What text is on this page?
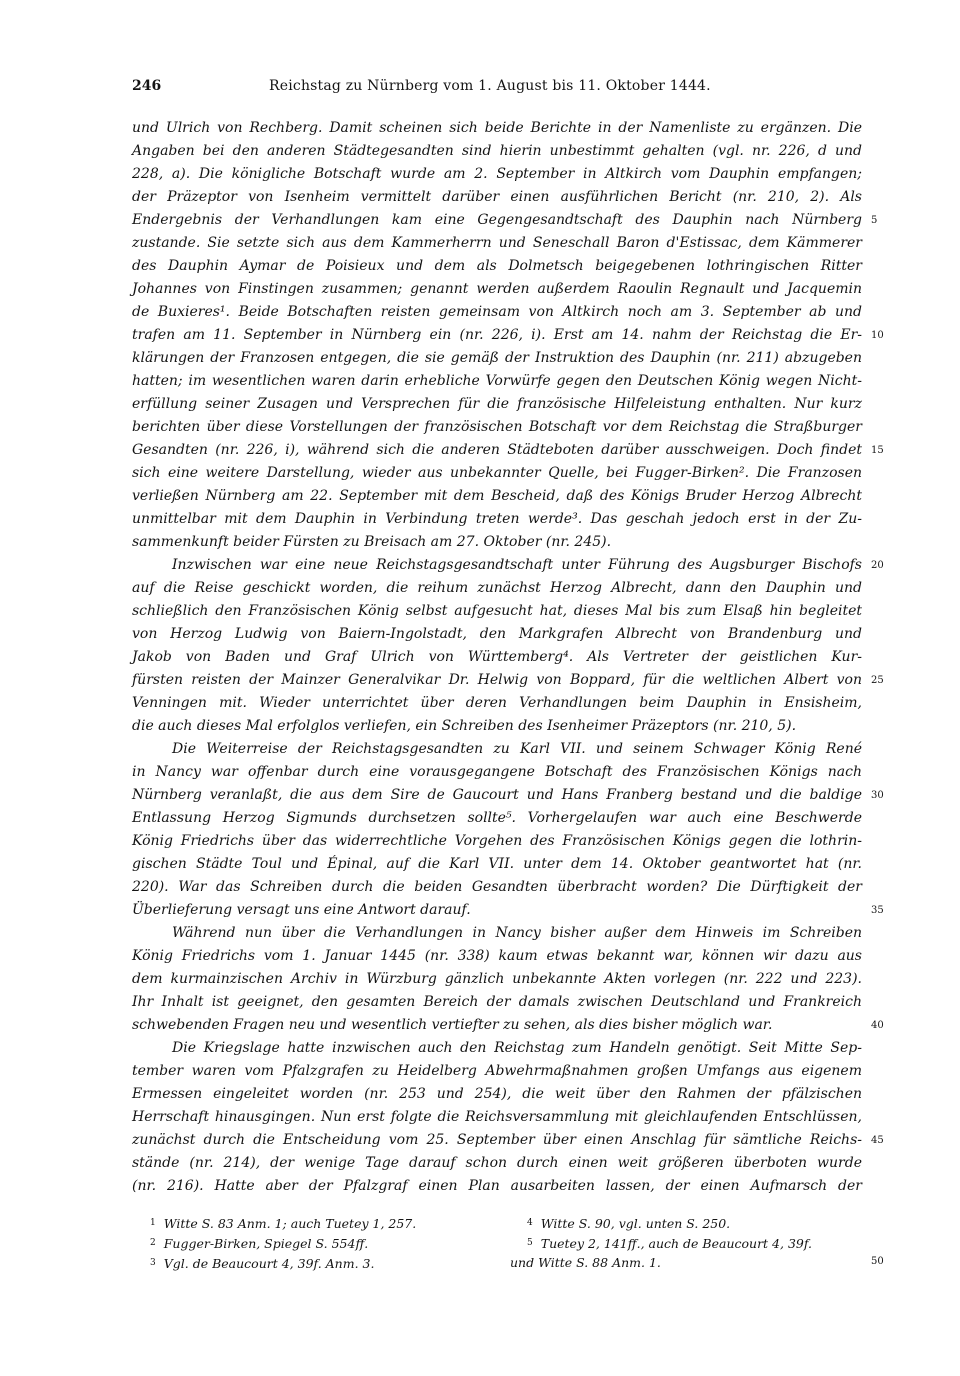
246	Reichstag zu Nürnberg vom 1. August bis 11. Oktober 1444.
und Ulrich von Rechberg. Damit scheinen sich beide Berichte in der Namenliste zu ergänzen. Die
Angaben bei den anderen Städtegesandten sind hierin unbestimmt gehalten (vgl. nr. 226, d und
228, a). Die königliche Botschaft wurde am 2. September in Altkirch vom Dauphin empfangen;
der Präzeptor von Isenheim vermittelt darüber einen ausführlichen Bericht (nr. 210, 2). Als
Endergebnis der Verhandlungen kam eine Gegengesandtschaft des Dauphin nach Nürnberg
zustande. Sie setzte sich aus dem Kammerherrn und Seneschall Baron d'Estissac, dem Kämmerer
des Dauphin Aymar de Poisieux und dem als Dolmetsch beigegebenen lothringischen Ritter
Johannes von Finstingen zusammen; genannt werden außerdem Raoulin Regnault und Jacquemin
de Buxieres¹. Beide Botschaften reisten gemeinsam von Altkirch noch am 3. September ab und
trafen am 11. September in Nürnberg ein (nr. 226, i). Erst am 14. nahm der Reichstag die Er-
klärungen der Franzosen entgegen, die sie gemäß der Instruktion des Dauphin (nr. 211) abzugeben
hatten; im wesentlichen waren darin erhebliche Vorwürfe gegen den Deutschen König wegen Nicht-
erfüllung seiner Zusagen und Versprechen für die französische Hilfeleistung enthalten. Nur kurz
berichten über diese Vorstellungen der französischen Botschaft vor dem Reichstag die Straßburger
Gesandten (nr. 226, i), während sich die anderen Städteboten darüber ausschweigen. Doch findet
sich eine weitere Darstellung, wieder aus unbekannter Quelle, bei Fugger-Birken². Die Franzosen
verließen Nürnberg am 22. September mit dem Bescheid, daß des Königs Bruder Herzog Albrecht
unmittelbar mit dem Dauphin in Verbindung treten werde³. Das geschah jedoch erst in der Zu-
sammenkunft beider Fürsten zu Breisach am 27. Oktober (nr. 245).
Inzwischen war eine neue Reichstagsgesandtschaft unter Führung des Augsburger Bischofs
auf die Reise geschickt worden, die reihum zunächst Herzog Albrecht, dann den Dauphin und
schließlich den Französischen König selbst aufgesucht hat, dieses Mal bis zum Elsaß hin begleitet
von Herzog Ludwig von Baiern-Ingolstadt, den Markgrafen Albrecht von Brandenburg und
Jakob von Baden und Graf Ulrich von Württemberg⁴. Als Vertreter der geistlichen Kur-
fürsten reisten der Mainzer Generalvikar Dr. Helwig von Boppard, für die weltlichen Albert von
Venningen mit. Wieder unterrichtet über deren Verhandlungen beim Dauphin in Ensisheim,
die auch dieses Mal erfolglos verliefen, ein Schreiben des Isenheimer Präzeptors (nr. 210, 5).
Die Weiterreise der Reichstagsgesandten zu Karl VII. und seinem Schwager König René
in Nancy war offenbar durch eine vorausgegangene Botschaft des Französischen Königs nach
Nürnberg veranlaßt, die aus dem Sire de Gaucourt und Hans Franberg bestand und die baldige
Entlassung Herzog Sigmunds durchsetzen sollte⁵. Vorhergelaufen war auch eine Beschwerde
König Friedrichs über das widerrechtliche Vorgehen des Französischen Königs gegen die lothrin-
gischen Städte Toul und Épinal, auf die Karl VII. unter dem 14. Oktober geantwortet hat (nr.
220). War das Schreiben durch die beiden Gesandten überbracht worden? Die Dürftigkeit der
Überlieferung versagt uns eine Antwort darauf.
Während nun über die Verhandlungen in Nancy bisher außer dem Hinweis im Schreiben
König Friedrichs vom 1. Januar 1445 (nr. 338) kaum etwas bekannt war, können wir dazu aus
dem kurmainzischen Archiv in Würzburg gänzlich unbekannte Akten vorlegen (nr. 222 und 223).
Ihr Inhalt ist geeignet, den gesamten Bereich der damals zwischen Deutschland und Frankreich
schwebenden Fragen neu und wesentlich vertiefter zu sehen, als dies bisher möglich war.
Die Kriegslage hatte inzwischen auch den Reichstag zum Handeln genötigt. Seit Mitte Sep-
tember waren vom Pfalzgrafen zu Heidelberg Abwehrmaßnahmen großen Umfangs aus eigenem
Ermessen eingeleitet worden (nr. 253 und 254), die weit über den Rahmen der pfälzischen
Herrschaft hinausgingen. Nun erst folgte die Reichsversammlung mit gleichlaufenden Entschlüssen,
zunächst durch die Entscheidung vom 25. September über einen Anschlag für sämtliche Reichs-
stände (nr. 214), der wenige Tage darauf schon durch einen weit größeren überboten wurde
(nr. 216). Hatte aber der Pfalzgraf einen Plan ausarbeiten lassen, der einen Aufmarsch der
5
10
15
20
25
30
35
40
45
50
$^1$ Witte S. 83 Anm. 1; auch Tuetey 1, 257.
$^2$ Fugger-Birken, Spiegel S. 554ff.
$^3$ Vgl. de Beaucourt 4, 39f. Anm. 3.
$^4$ Witte S. 90, vgl. unten S. 250.
$^5$ Tuetey 2, 141ff., auch de Beaucourt 4, 39f.
und Witte S. 88 Anm. 1.
